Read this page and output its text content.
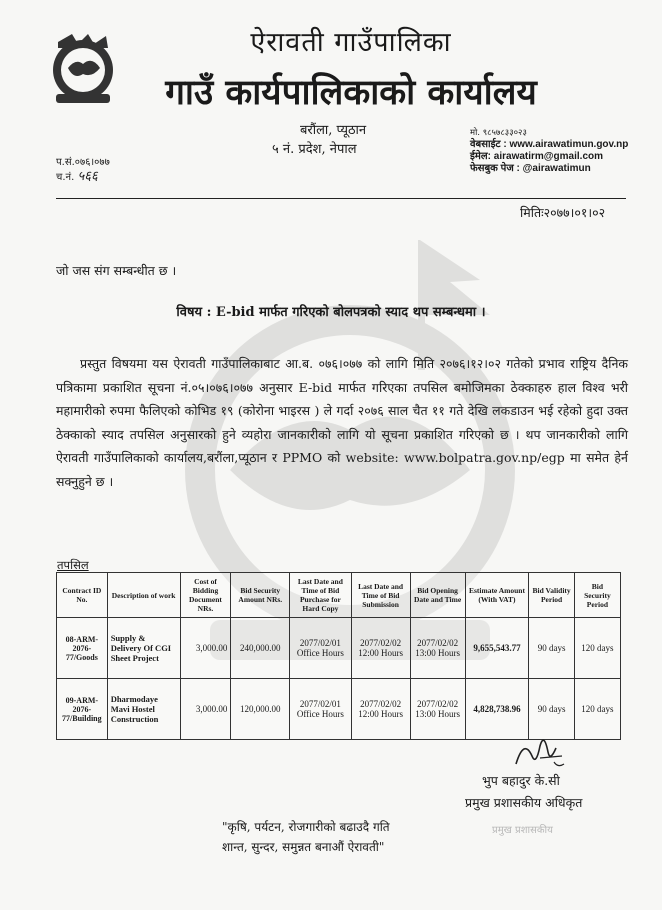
ऐरावती गाउँपालिका
गाउँ कार्यपालिकाको कार्यालय
बरौंला, प्यूठान
५ नं. प्रदेश, नेपाल
मो. ९८५७८३३०२३
वेबसाईट : www.airawatimun.gov.np
ईमेल: airawatirm@gmail.com
फेसबुक पेज : @airawatimun
प.सं.०७६।०७७
च.नं. ५६६
मितिः२०७७।०१।०२
जो जस संग सम्बन्धीत छ ।
विषय : E-bid मार्फत गरिएको बोलपत्रको स्याद थप सम्बन्धमा ।
प्रस्तुत विषयमा यस ऐरावती गाउँपालिकाबाट आ.ब. ०७६।०७७ को लागि मिति २०७६।१२।०२ गतेको प्रभाव राष्ट्रिय दैनिक पत्रिकामा प्रकाशित सूचना नं.०५।०७६।०७७ अनुसार E-bid मार्फत गरिएका तपसिल बमोजिमका ठेक्काहरु हाल विश्व भरी महामारीको रुपमा फैलिएको कोभिड १९ (कोरोना भाइरस ) ले गर्दा २०७६ साल चैत ११ गते देखि लकडाउन भई रहेको हुदा उक्त ठेक्काको स्याद तपसिल अनुसारको हुने व्यहोरा जानकारीको लागि यो सूचना प्रकाशित गरिएको छ । थप जानकारीको लागि ऐरावती गाउँपालिकाको कार्यालय,बरौंला,प्यूठान र PPMO को website: www.bolpatra.gov.np/egp मा समेत हेर्न सक्नुहुने छ ।
तपसिल
Contract ID No.	Description of work	Cost of Bidding Document NRs.	Bid Security Amount NRs.	Last Date and Time of Bid Purchase for Hard Copy	Last Date and Time of Bid Submission	Bid Opening Date and Time	Estimate Amount (With VAT)	Bid Validity Period	Bid Security Period
08-ARM-2076-77/Goods	Supply & Delivery Of CGI Sheet Project	3,000.00	240,000.00	2077/02/01 Office Hours	2077/02/02 12:00 Hours	2077/02/02 13:00 Hours	9,655,543.77	90 days	120 days
09-ARM-2076-77/Building	Dharmodaye Mavi Hostel Construction	3,000.00	120,000.00	2077/02/01 Office Hours	2077/02/02 12:00 Hours	2077/02/02 13:00 Hours	4,828,738.96	90 days	120 days
भुप बहादुर के.सी
प्रमुख प्रशासकीय अधिकृत
प्रमुख प्रशासकीय
"कृषि, पर्यटन, रोजगारीको बढाउदै गति
शान्त, सुन्दर, समुन्नत बनाऔं ऐरावती"
